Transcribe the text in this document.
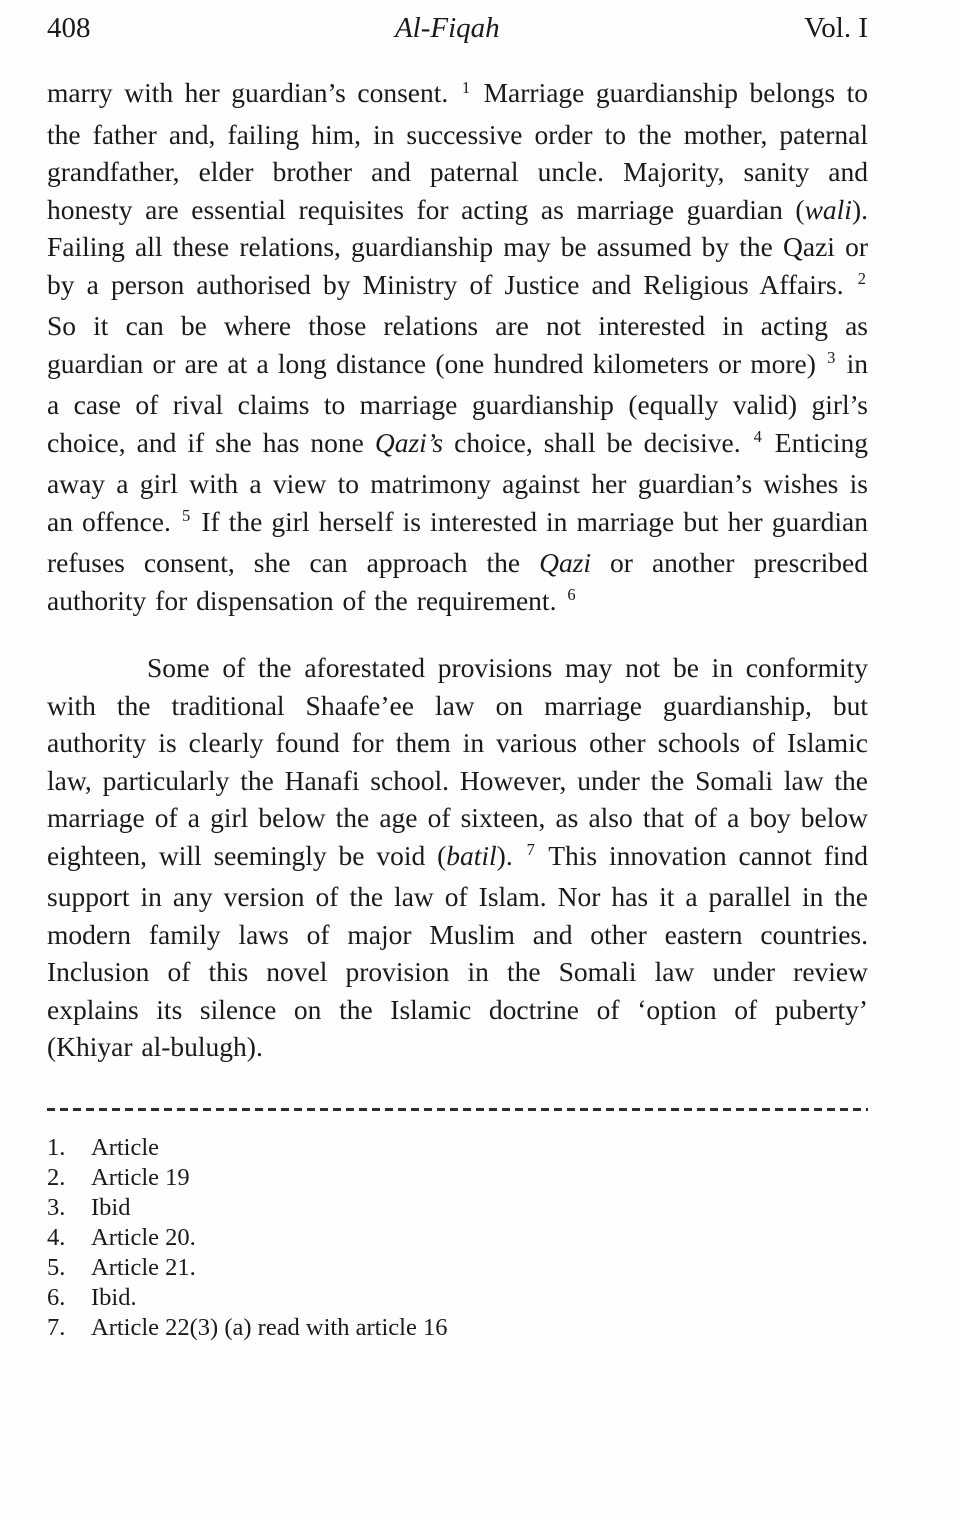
408	Al-Fiqah	Vol. I

marry with her guardian’s consent. $^1$ Marriage guardianship belongs to the father and, failing him, in successive order to the mother, paternal grandfather, elder brother and paternal uncle. Majority, sanity and honesty are essential requisites for acting as marriage guardian (wali). Failing all these relations, guardianship may be assumed by the Qazi or by a person authorised by Ministry of Justice and Religious Affairs. $^2$ So it can be where those relations are not interested in acting as guardian or are at a long distance (one hundred kilometers or more) $^3$ in a case of rival claims to marriage guardianship (equally valid) girl’s choice, and if she has none Qazi’s choice, shall be decisive. $^4$ Enticing away a girl with a view to matrimony against her guardian’s wishes is an offence. $^5$ If the girl herself is interested in marriage but her guardian refuses consent, she can approach the Qazi or another prescribed authority for dispensation of the requirement. $^6$

Some of the aforestated provisions may not be in conformity with the traditional Shaafe’ee law on marriage guardianship, but authority is clearly found for them in various other schools of Islamic law, particularly the Hanafi school. However, under the Somali law the marriage of a girl below the age of sixteen, as also that of a boy below eighteen, will seemingly be void (batil). $^7$ This innovation cannot find support in any version of the law of Islam. Nor has it a parallel in the modern family laws of major Muslim and other eastern countries. Inclusion of this novel provision in the Somali law under review explains its silence on the Islamic doctrine of ‘option of puberty’ (Khiyar al-bulugh).

1.	Article
2.	Article 19
3.	Ibid
4.	Article 20.
5.	Article 21.
6.	Ibid.
7.	Article 22(3) (a) read with article 16
